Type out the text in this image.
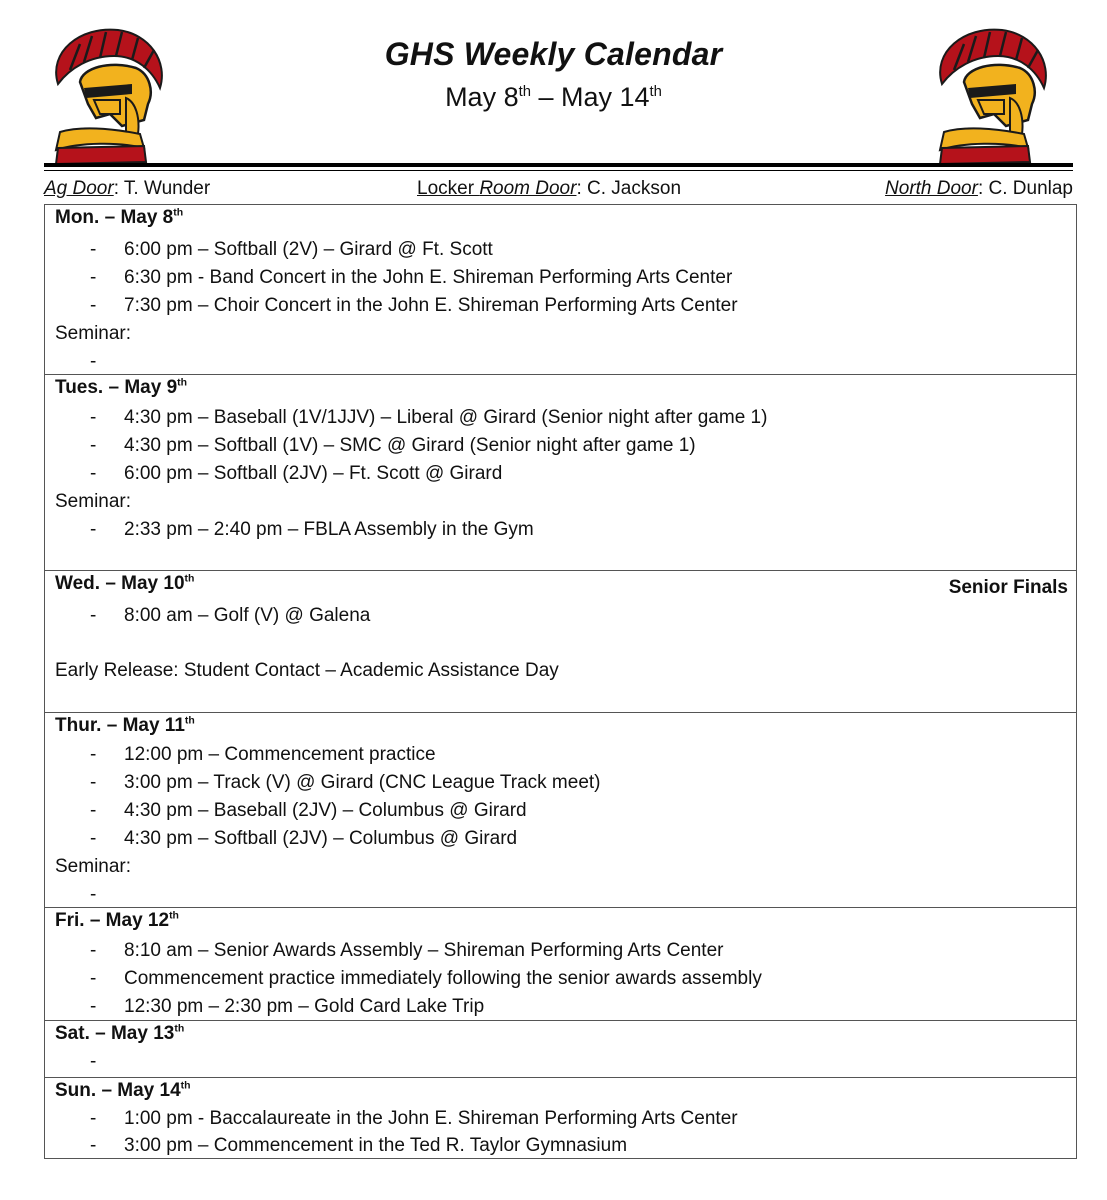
GHS Weekly Calendar
May 8th – May 14th
Ag Door: T. Wunder	Locker Room Door: C. Jackson	North Door: C. Dunlap
Mon. – May 8th
- 6:00 pm – Softball (2V) – Girard @ Ft. Scott
- 6:30 pm - Band Concert in the John E. Shireman Performing Arts Center
- 7:30 pm – Choir Concert in the John E. Shireman Performing Arts Center
Seminar:
-
Tues. – May 9th
- 4:30 pm – Baseball (1V/1JJV) – Liberal @ Girard (Senior night after game 1)
- 4:30 pm – Softball (1V) – SMC @ Girard (Senior night after game 1)
- 6:00 pm – Softball (2JV) – Ft. Scott @ Girard
Seminar:
- 2:33 pm – 2:40 pm – FBLA Assembly in the Gym
Wed. – May 10th	Senior Finals
- 8:00 am – Golf (V) @ Galena
Early Release: Student Contact – Academic Assistance Day
Thur. – May 11th
- 12:00 pm – Commencement practice
- 3:00 pm – Track (V) @ Girard (CNC League Track meet)
- 4:30 pm – Baseball (2JV) – Columbus @ Girard
- 4:30 pm – Softball (2JV) – Columbus @ Girard
Seminar:
-
Fri. – May 12th
- 8:10 am – Senior Awards Assembly – Shireman Performing Arts Center
- Commencement practice immediately following the senior awards assembly
- 12:30 pm – 2:30 pm – Gold Card Lake Trip
Sat. – May 13th
-
Sun. – May 14th
- 1:00 pm - Baccalaureate in the John E. Shireman Performing Arts Center
- 3:00 pm – Commencement in the Ted R. Taylor Gymnasium
